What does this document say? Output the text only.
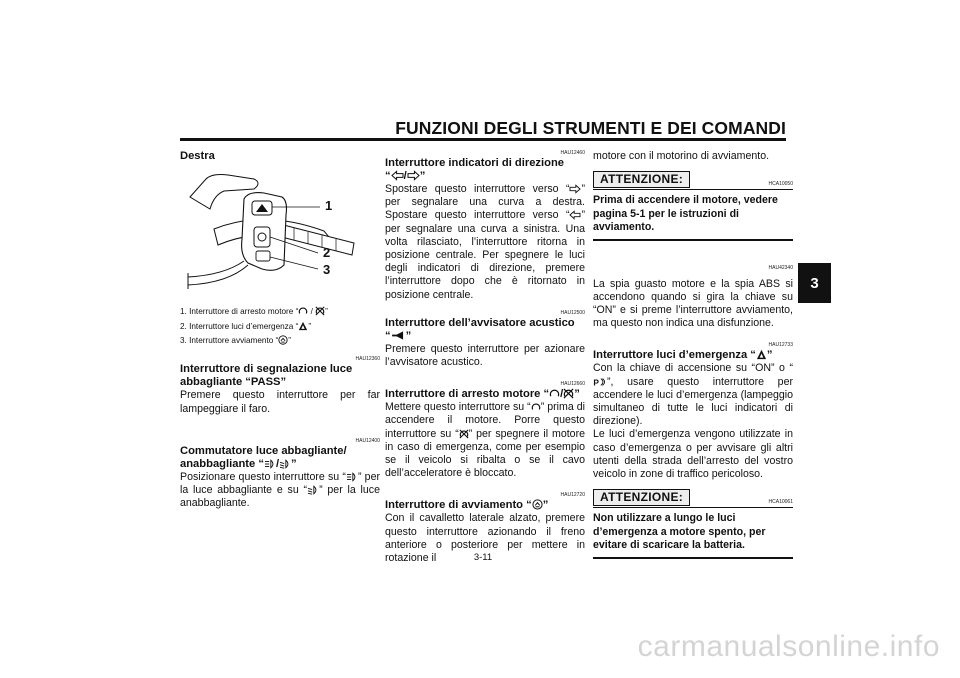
FUNZIONI DEGLI STRUMENTI E DEI COMANDI
3
Destra
1
2
3
1. Interruttore di arresto motore “ / ”
2. Interruttore luci d’emergenza “ ”
3. Interruttore avviamento “ ”
HAU12360
Interruttore di segnalazione luce abbagliante “PASS”
Premere questo interruttore per far lampeggiare il faro.
HAU12400
Commutatore luce abbagliante/
anabbagliante “ / ”
Posizionare questo interruttore su “ ” per la luce abbagliante e su “ ” per la luce anabbagliante.
HAU12460
Interruttore indicatori di direzione
“ / ”
Spostare questo interruttore verso “ ” per segnalare una curva a destra. Spostare questo interruttore verso “ ” per segnalare una curva a sinistra. Una volta rilasciato, l’interruttore ritorna in posizione centrale. Per spegnere le luci degli indicatori di direzione, premere l’interruttore dopo che è ritornato in posizione centrale.
HAU12500
Interruttore dell’avvisatore acustico
“ ”
Premere questo interruttore per azionare l’avvisatore acustico.
HAU12660
Interruttore di arresto motore “ / ”
Mettere questo interruttore su “ ” prima di accendere il motore. Porre questo interruttore su “ ” per spegnere il motore in caso di emergenza, come per esempio se il veicolo si ribalta o se il cavo dell’acceleratore è bloccato.
HAU12720
Interruttore di avviamento “ ”
Con il cavalletto laterale alzato, premere questo interruttore azionando il freno anteriore o posteriore per mettere in rotazione il
motore con il motorino di avviamento.
ATTENZIONE:	HCA10050
Prima di accendere il motore, vedere pagina 5-1 per le istruzioni di avviamento.
HAU42340
La spia guasto motore e la spia ABS si accendono quando si gira la chiave su “ON” e si preme l’interruttore avviamento, ma questo non indica una disfunzione.
HAU12733
Interruttore luci d’emergenza “ ”
Con la chiave di accensione su “ON” o “”, usare questo interruttore per accendere le luci d’emergenza (lampeggio simultaneo di tutte le luci indicatori di direzione).
Le luci d’emergenza vengono utilizzate in caso d’emergenza o per avvisare gli altri utenti della strada dell’arresto del vostro veicolo in zone di traffico pericoloso.
ATTENZIONE:	HCA10061
Non utilizzare a lungo le luci d’emergenza a motore spento, per evitare di scaricare la batteria.
3-11
carmanualsonline.info
